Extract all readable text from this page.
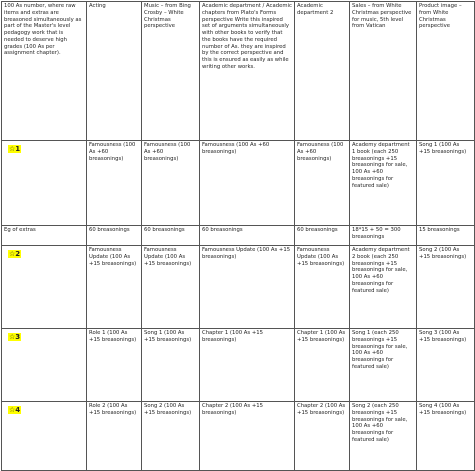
100 As number, where raw items and extras are breasoned simultaneously as part of the Master's level pedagogy work that is needed to deserve high grades (100 As per assignment chapter).	Acting	Music – from Bing Crosby – White Christmas perspective	Academic department / Academic chapters from Plato's Forms perspective Write this inspired set of arguments simultaneously with other books to verify that the books have the required number of As. they are inspired by the correct perspective and this is ensured as easily as while writing other works.	Academic department 2	Sales – from White Christmas perspective for music, 5th level from Vatican	Product image – from White Christmas perspective
☆1	Famousness (100 As +60 breasonings)	Famousness (100 As +60 breasonings)	Famousness (100 As +60 breasonings)	Famousness (100 As +60 breasonings)	Academy department 1 book (each 250 breasonings +15 breasonings for sale, 100 As +60 breasonings for featured sale)	Song 1 (100 As +15 breasonings)
Eg of extras	60 breasonings	60 breasonings	60 breasonings	60 breasonings	18*15 + 50 = 300 breasonings	15 breasonings
☆2	Famousness Update (100 As +15 breasonings)	Famousness Update (100 As +15 breasonings)	Famousness Update (100 As +15 breasonings)	Famousness Update (100 As +15 breasonings)	Academy department 2 book (each 250 breasonings +15 breasonings for sale, 100 As +60 breasonings for featured sale)	Song 2 (100 As +15 breasonings)
☆3	Role 1 (100 As +15 breasonings)	Song 1 (100 As +15 breasonings)	Chapter 1 (100 As +15 breasonings)	Chapter 1 (100 As +15 breasonings)	Song 1 (each 250 breasonings +15 breasonings for sale, 100 As +60 breasonings for featured sale)	Song 3 (100 As +15 breasonings)
☆4	Role 2 (100 As +15 breasonings)	Song 2 (100 As +15 breasonings)	Chapter 2 (100 As +15 breasonings)	Chapter 2 (100 As +15 breasonings)	Song 2 (each 250 breasonings +15 breasonings for sale, 100 As +60 breasonings for featured sale)	Song 4 (100 As +15 breasonings)
